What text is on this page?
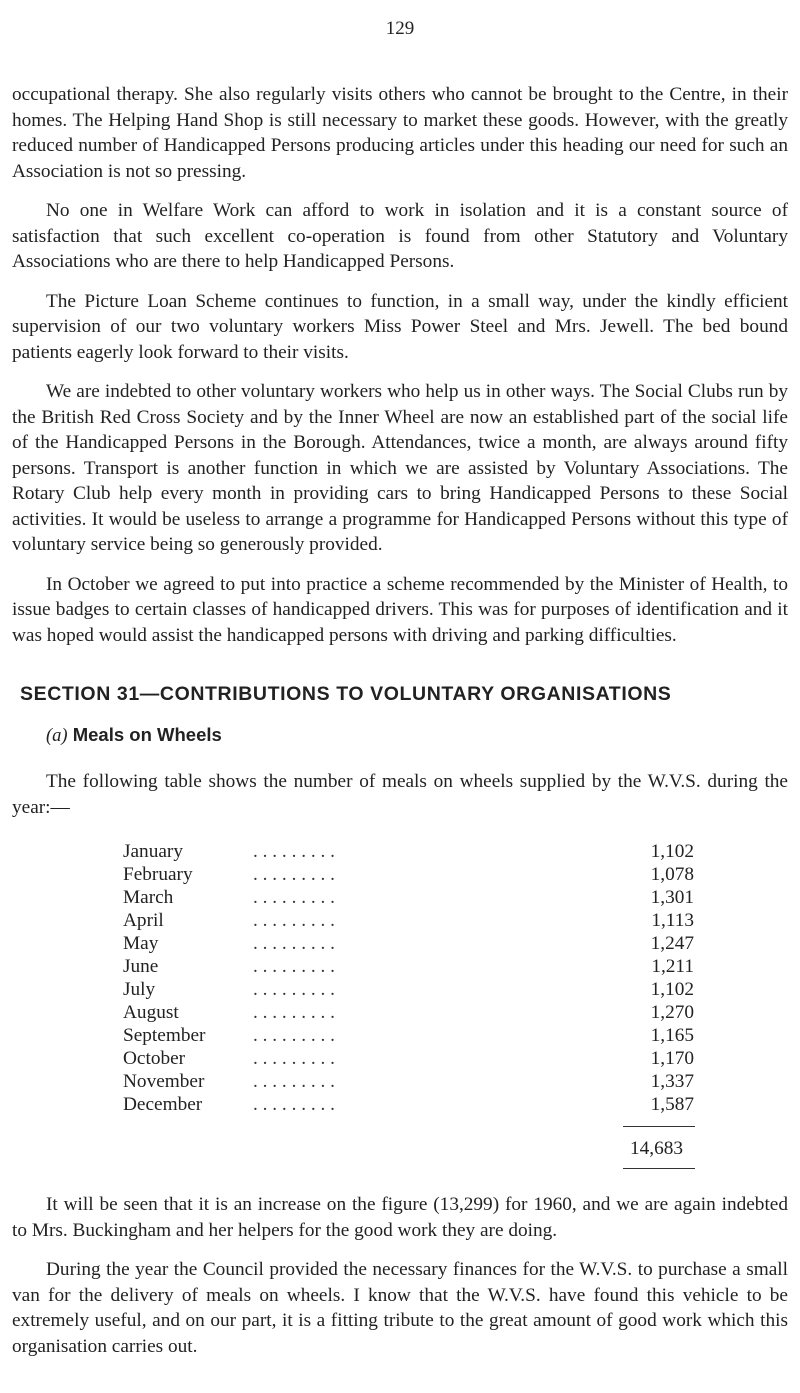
129

occupational therapy. She also regularly visits others who cannot be brought to the Centre, in their homes. The Helping Hand Shop is still necessary to market these goods. However, with the greatly reduced number of Handicapped Persons producing articles under this heading our need for such an Association is not so pressing.

No one in Welfare Work can afford to work in isolation and it is a constant source of satisfaction that such excellent co-operation is found from other Statutory and Voluntary Associations who are there to help Handicapped Persons.

The Picture Loan Scheme continues to function, in a small way, under the kindly efficient supervision of our two voluntary workers Miss Power Steel and Mrs. Jewell. The bed bound patients eagerly look forward to their visits.

We are indebted to other voluntary workers who help us in other ways. The Social Clubs run by the British Red Cross Society and by the Inner Wheel are now an established part of the social life of the Handicapped Persons in the Borough. Attendances, twice a month, are always around fifty persons. Transport is another function in which we are assisted by Voluntary Associations. The Rotary Club help every month in providing cars to bring Handicapped Persons to these Social activities. It would be useless to arrange a programme for Handicapped Persons without this type of voluntary service being so generously provided.

In October we agreed to put into practice a scheme recommended by the Minister of Health, to issue badges to certain classes of handicapped drivers. This was for purposes of identification and it was hoped would assist the handicapped persons with driving and parking difficulties.

SECTION 31—CONTRIBUTIONS TO VOLUNTARY ORGANISATIONS
(a) Meals on Wheels

The following table shows the number of meals on wheels supplied by the W.V.S. during the year:—

January	. . . . . . . . .	1,102
February	. . . . . . . . .	1,078
March	. . . . . . . . .	1,301
April	. . . . . . . . .	1,113
May	. . . . . . . . .	1,247
June	. . . . . . . . .	1,211
July	. . . . . . . . .	1,102
August	. . . . . . . . .	1,270
September	. . . . . . . . .	1,165
October	. . . . . . . . .	1,170
November	. . . . . . . . .	1,337
December	. . . . . . . . .	1,587
14,683

It will be seen that it is an increase on the figure (13,299) for 1960, and we are again indebted to Mrs. Buckingham and her helpers for the good work they are doing.

During the year the Council provided the necessary finances for the W.V.S. to purchase a small van for the delivery of meals on wheels. I know that the W.V.S. have found this vehicle to be extremely useful, and on our part, it is a fitting tribute to the great amount of good work which this organisation carries out.
